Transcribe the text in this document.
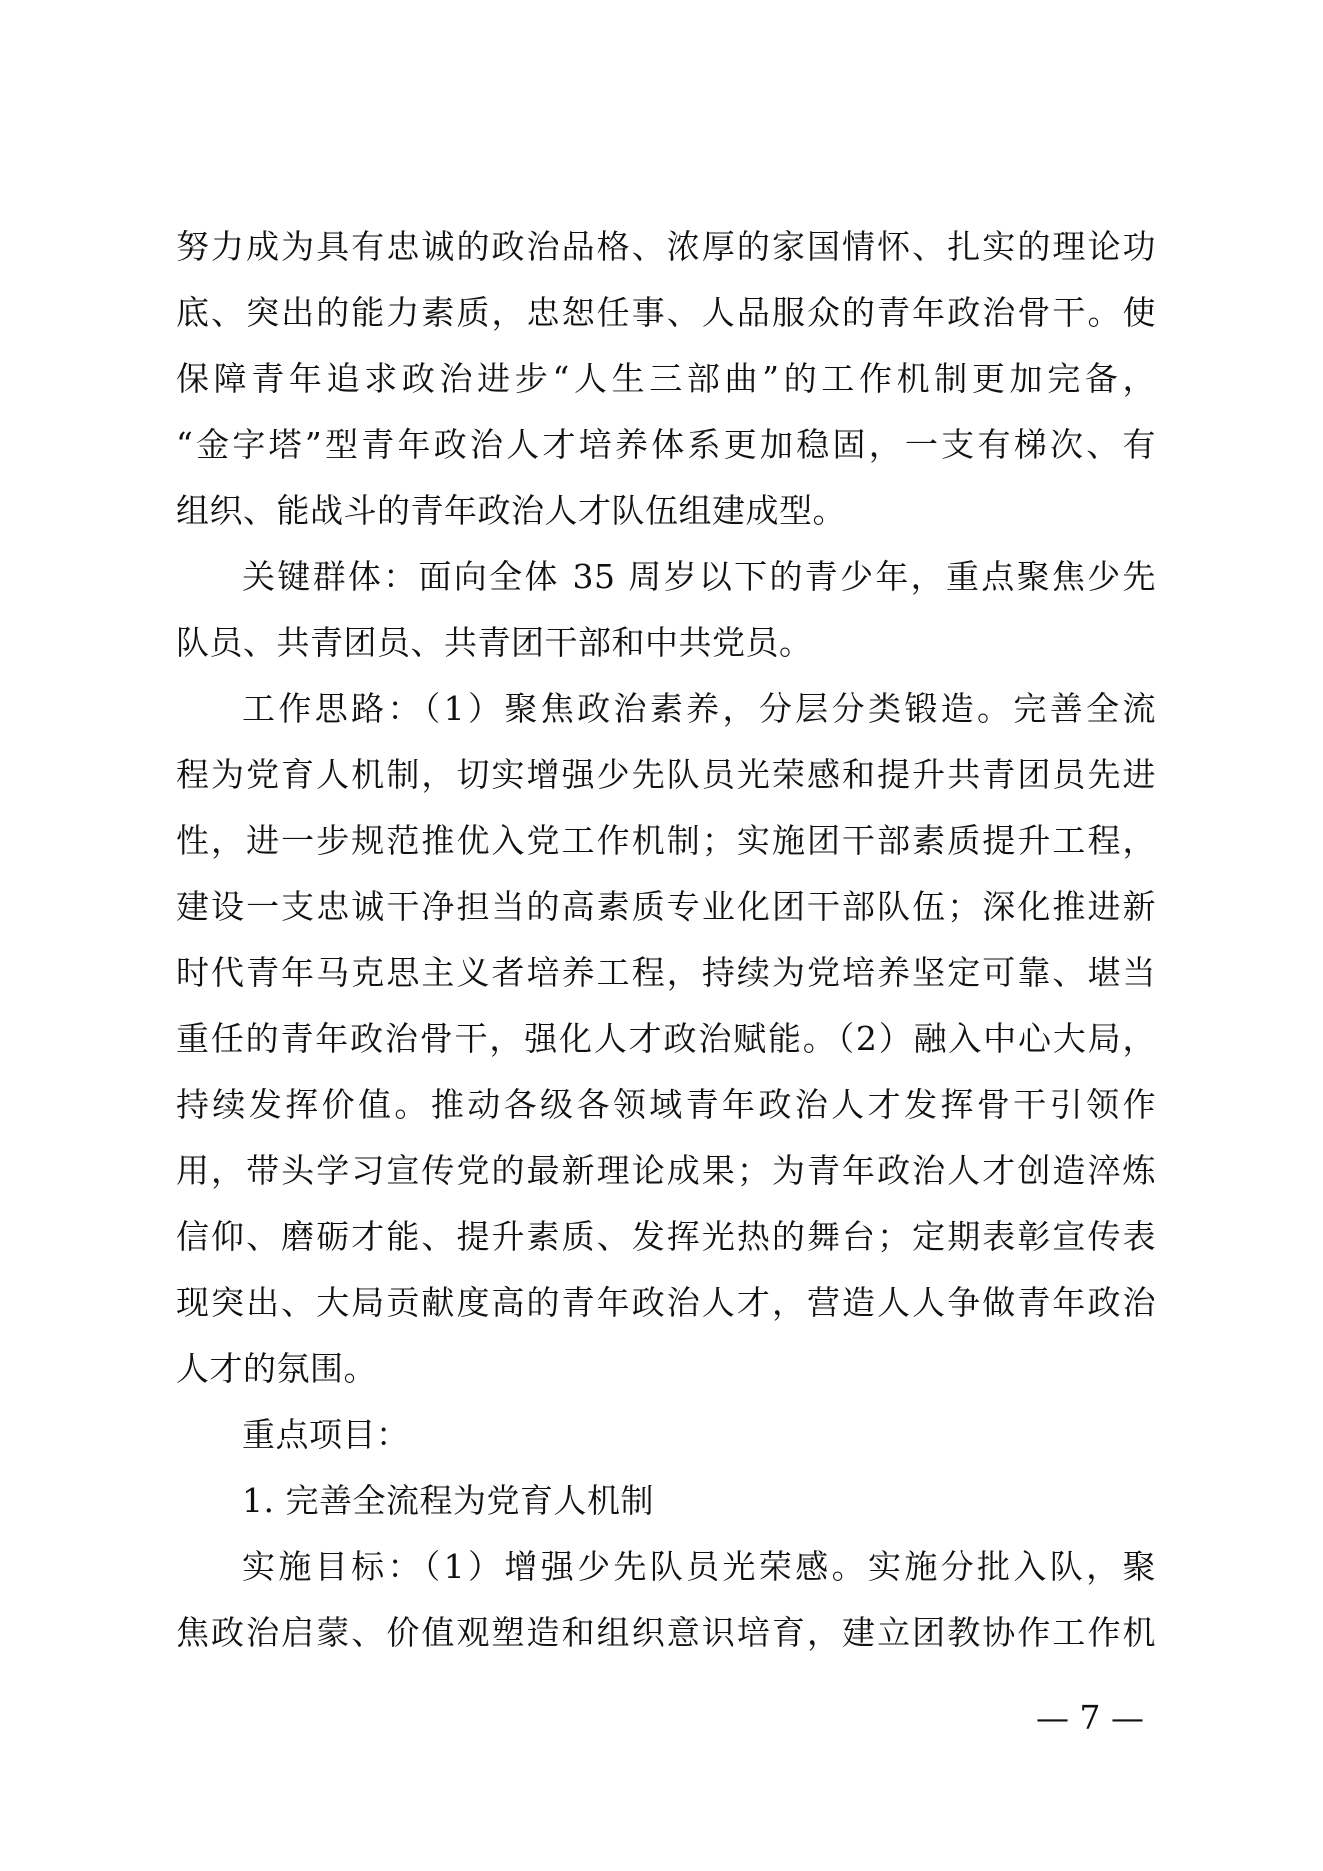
努力成为具有忠诚的政治品格、浓厚的家国情怀、扎实的理论功
底、突出的能力素质，忠恕任事、人品服众的青年政治骨干。使
保障青年追求政治进步“人生三部曲”的工作机制更加完备，
“金字塔”型青年政治人才培养体系更加稳固，一支有梯次、有
组织、能战斗的青年政治人才队伍组建成型。
关键群体：面向全体 35 周岁以下的青少年，重点聚焦少先
队员、共青团员、共青团干部和中共党员。
工作思路：（1）聚焦政治素养，分层分类锻造。完善全流
程为党育人机制，切实增强少先队员光荣感和提升共青团员先进
性，进一步规范推优入党工作机制；实施团干部素质提升工程，
建设一支忠诚干净担当的高素质专业化团干部队伍；深化推进新
时代青年马克思主义者培养工程，持续为党培养坚定可靠、堪当
重任的青年政治骨干，强化人才政治赋能。（2）融入中心大局，
持续发挥价值。推动各级各领域青年政治人才发挥骨干引领作
用，带头学习宣传党的最新理论成果；为青年政治人才创造淬炼
信仰、磨砺才能、提升素质、发挥光热的舞台；定期表彰宣传表
现突出、大局贡献度高的青年政治人才，营造人人争做青年政治
人才的氛围。
重点项目：
1. 完善全流程为党育人机制
实施目标：（1）增强少先队员光荣感。实施分批入队，聚
焦政治启蒙、价值观塑造和组织意识培育，建立团教协作工作机
— 7 —
